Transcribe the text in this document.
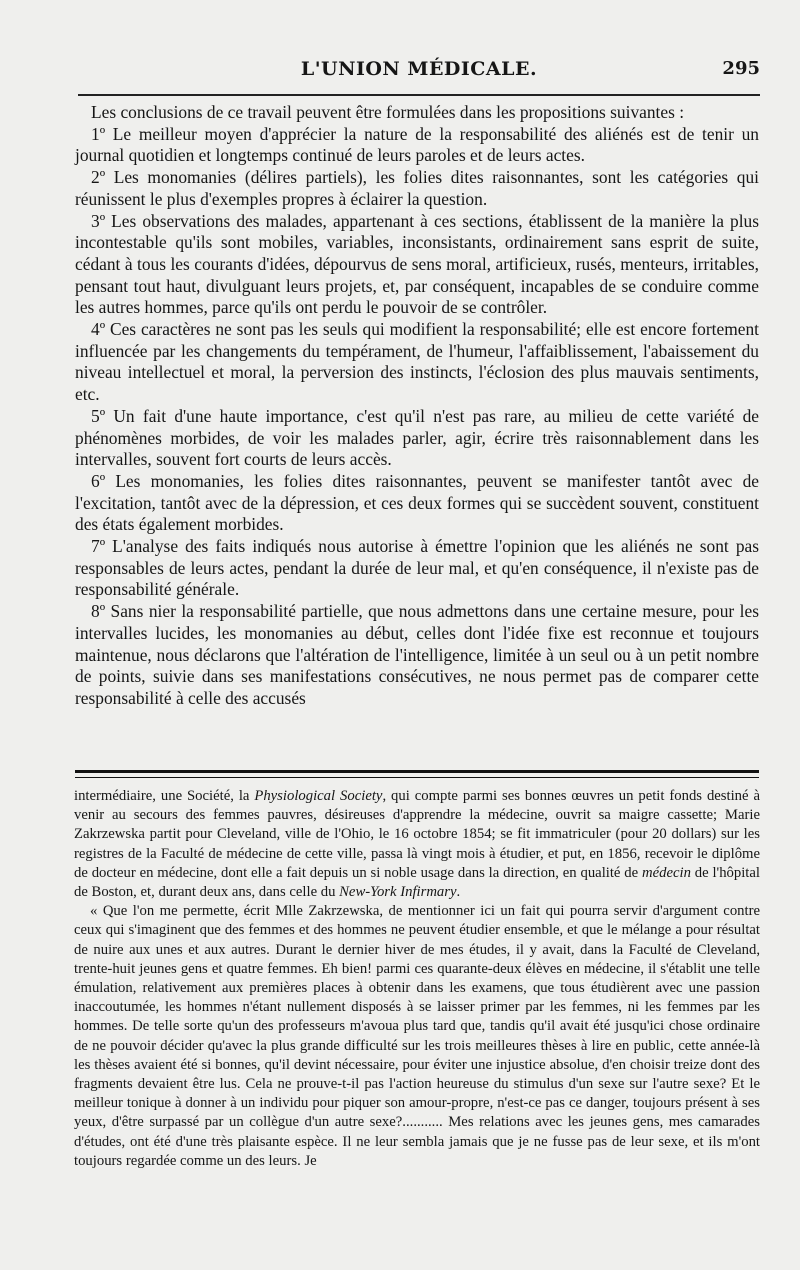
L'UNION MÉDICALE.	295

Les conclusions de ce travail peuvent être formulées dans les propositions suivantes :

1º Le meilleur moyen d'apprécier la nature de la responsabilité des aliénés est de tenir un journal quotidien et longtemps continué de leurs paroles et de leurs actes.

2º Les monomanies (délires partiels), les folies dites raisonnantes, sont les catégories qui réunissent le plus d'exemples propres à éclairer la question.

3º Les observations des malades, appartenant à ces sections, établissent de la manière la plus incontestable qu'ils sont mobiles, variables, inconsistants, ordinairement sans esprit de suite, cédant à tous les courants d'idées, dépourvus de sens moral, artificieux, rusés, menteurs, irritables, pensant tout haut, divulguant leurs projets, et, par conséquent, incapables de se conduire comme les autres hommes, parce qu'ils ont perdu le pouvoir de se contrôler.

4º Ces caractères ne sont pas les seuls qui modifient la responsabilité; elle est encore fortement influencée par les changements du tempérament, de l'humeur, l'affaiblissement, l'abaissement du niveau intellectuel et moral, la perversion des instincts, l'éclosion des plus mauvais sentiments, etc.

5º Un fait d'une haute importance, c'est qu'il n'est pas rare, au milieu de cette variété de phénomènes morbides, de voir les malades parler, agir, écrire très raisonnablement dans les intervalles, souvent fort courts de leurs accès.

6º Les monomanies, les folies dites raisonnantes, peuvent se manifester tantôt avec de l'excitation, tantôt avec de la dépression, et ces deux formes qui se succèdent souvent, constituent des états également morbides.

7º L'analyse des faits indiqués nous autorise à émettre l'opinion que les aliénés ne sont pas responsables de leurs actes, pendant la durée de leur mal, et qu'en conséquence, il n'existe pas de responsabilité générale.

8º Sans nier la responsabilité partielle, que nous admettons dans une certaine mesure, pour les intervalles lucides, les monomanies au début, celles dont l'idée fixe est reconnue et toujours maintenue, nous déclarons que l'altération de l'intelligence, limitée à un seul ou à un petit nombre de points, suivie dans ses manifestations consécutives, ne nous permet pas de comparer cette responsabilité à celle des accusés

intermédiaire, une Société, la Physiological Society, qui compte parmi ses bonnes œuvres un petit fonds destiné à venir au secours des femmes pauvres, désireuses d'apprendre la médecine, ouvrit sa maigre cassette; Marie Zakrzewska partit pour Cleveland, ville de l'Ohio, le 16 octobre 1854; se fit immatriculer (pour 20 dollars) sur les registres de la Faculté de médecine de cette ville, passa là vingt mois à étudier, et put, en 1856, recevoir le diplôme de docteur en médecine, dont elle a fait depuis un si noble usage dans la direction, en qualité de médecin de l'hôpital de Boston, et, durant deux ans, dans celle du New-York Infirmary.

« Que l'on me permette, écrit Mlle Zakrzewska, de mentionner ici un fait qui pourra servir d'argument contre ceux qui s'imaginent que des femmes et des hommes ne peuvent étudier ensemble, et que le mélange a pour résultat de nuire aux unes et aux autres. Durant le dernier hiver de mes études, il y avait, dans la Faculté de Cleveland, trente-huit jeunes gens et quatre femmes. Eh bien! parmi ces quarante-deux élèves en médecine, il s'établit une telle émulation, relativement aux premières places à obtenir dans les examens, que tous étudièrent avec une passion inaccoutumée, les hommes n'étant nullement disposés à se laisser primer par les femmes, ni les femmes par les hommes. De telle sorte qu'un des professeurs m'avoua plus tard que, tandis qu'il avait été jusqu'ici chose ordinaire de ne pouvoir décider qu'avec la plus grande difficulté sur les trois meilleures thèses à lire en public, cette année-là les thèses avaient été si bonnes, qu'il devint nécessaire, pour éviter une injustice absolue, d'en choisir treize dont des fragments devaient être lus. Cela ne prouve-t-il pas l'action heureuse du stimulus d'un sexe sur l'autre sexe? Et le meilleur tonique à donner à un individu pour piquer son amour-propre, n'est-ce pas ce danger, toujours présent à ses yeux, d'être surpassé par un collègue d'un autre sexe?........... Mes relations avec les jeunes gens, mes camarades d'études, ont été d'une très plaisante espèce. Il ne leur sembla jamais que je ne fusse pas de leur sexe, et ils m'ont toujours regardée comme un des leurs. Je
